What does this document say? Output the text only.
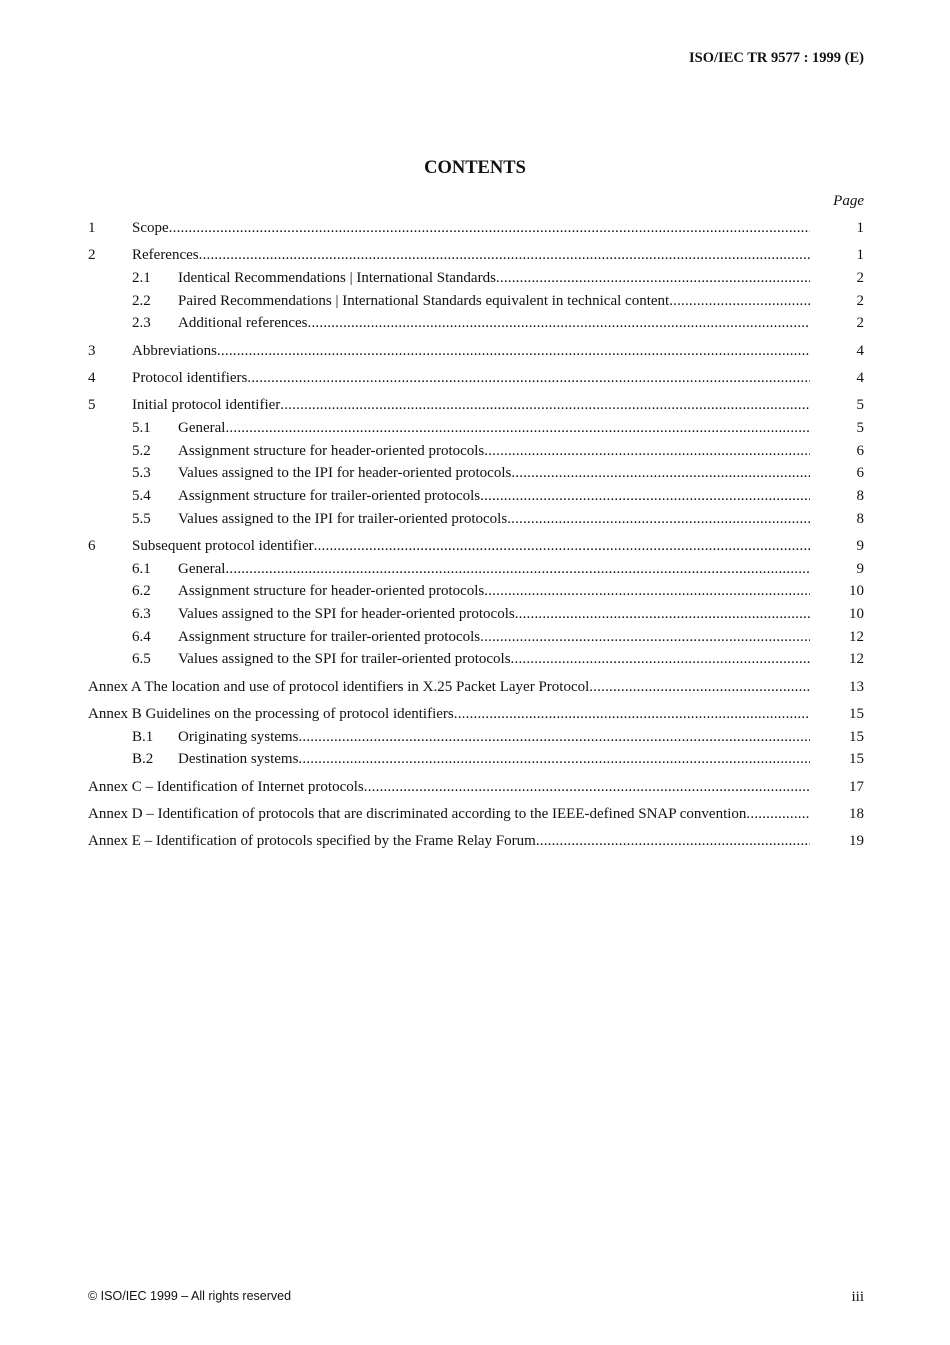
ISO/IEC TR 9577 : 1999 (E)
CONTENTS
Page
1	Scope .....	1
2	References .....	1
2.1	Identical Recommendations | International Standards .....	2
2.2	Paired Recommendations | International Standards equivalent in technical content .....	2
2.3	Additional references .....	2
3	Abbreviations .....	4
4	Protocol identifiers .....	4
5	Initial protocol identifier .....	5
5.1	General .....	5
5.2	Assignment structure for header-oriented protocols .....	6
5.3	Values assigned to the IPI for header-oriented protocols .....	6
5.4	Assignment structure for trailer-oriented protocols .....	8
5.5	Values assigned to the IPI for trailer-oriented protocols .....	8
6	Subsequent protocol identifier .....	9
6.1	General .....	9
6.2	Assignment structure for header-oriented protocols .....	10
6.3	Values assigned to the SPI for header-oriented protocols .....	10
6.4	Assignment structure for trailer-oriented protocols .....	12
6.5	Values assigned to the SPI for trailer-oriented protocols .....	12
Annex A The location and use of protocol identifiers in X.25 Packet Layer Protocol .....	13
Annex B Guidelines on the processing of protocol identifiers .....	15
B.1	Originating systems .....	15
B.2	Destination systems .....	15
Annex C – Identification of Internet protocols .....	17
Annex D – Identification of protocols that are discriminated according to the IEEE-defined SNAP convention .....	18
Annex E – Identification of protocols specified by the Frame Relay Forum .....	19
© ISO/IEC 1999 – All rights reserved	iii
